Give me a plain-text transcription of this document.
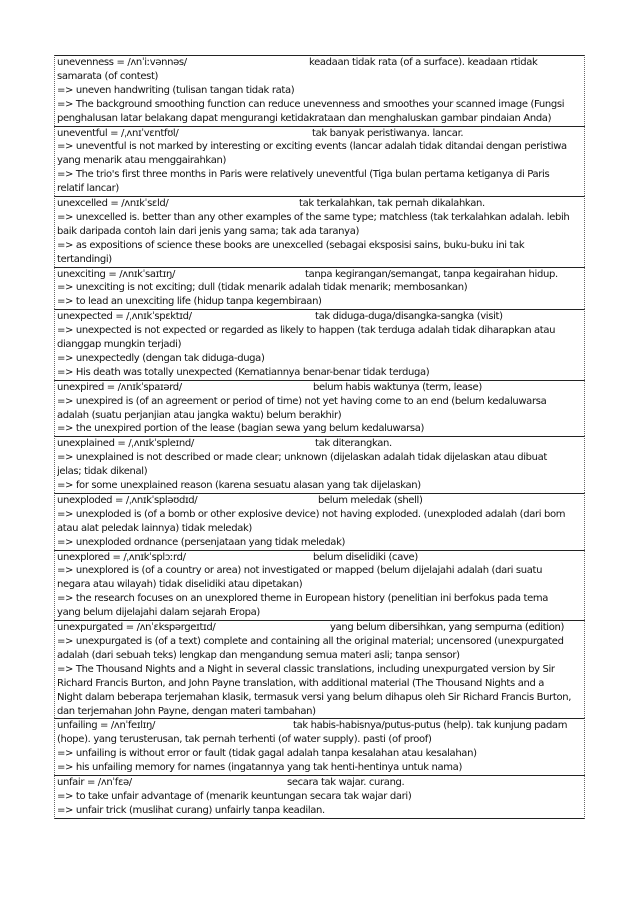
unevenness = /ʌnˈiːvənnəs/	keadaan tidak rata (of a surface). keadaan rtidak
samarata (of contest)
=> uneven handwriting (tulisan tangan tidak rata)
=> The background smoothing function can reduce unevenness and smoothes your scanned image (Fungsi
penghalusan latar belakang dapat mengurangi ketidakrataan dan menghaluskan gambar pindaian Anda)
uneventful = /ˌʌnɪˈvɛntfʊl/	tak banyak peristiwanya. lancar.
=> uneventful is not marked by interesting or exciting events (lancar adalah tidak ditandai dengan peristiwa
yang menarik atau menggairahkan)
=> The trio's first three months in Paris were relatively uneventful (Tiga bulan pertama ketiganya di Paris
relatif lancar)
unexcelled = /ʌnɪkˈsɛld/	tak terkalahkan, tak pernah dikalahkan.
=> unexcelled is. better than any other examples of the same type; matchless (tak terkalahkan adalah. lebih
baik daripada contoh lain dari jenis yang sama; tak ada taranya)
=> as expositions of science these books are unexcelled (sebagai eksposisi sains, buku-buku ini tak
tertandingi)
unexciting = /ʌnɪkˈsaɪtɪŋ/	tanpa kegirangan/semangat, tanpa kegairahan hidup.
=> unexciting is not exciting; dull (tidak menarik adalah tidak menarik; membosankan)
=> to lead an unexciting life (hidup tanpa kegembiraan)
unexpected = /ˌʌnɪkˈspɛktɪd/	tak diduga-duga/disangka-sangka (visit)
=> unexpected is not expected or regarded as likely to happen (tak terduga adalah tidak diharapkan atau
dianggap mungkin terjadi)
=> unexpectedly (dengan tak diduga-duga)
=> His death was totally unexpected (Kematiannya benar-benar tidak terduga)
unexpired = /ʌnɪkˈspaɪərd/	belum habis waktunya (term, lease)
=> unexpired is (of an agreement or period of time) not yet having come to an end (belum kedaluwarsa
adalah (suatu perjanjian atau jangka waktu) belum berakhir)
=> the unexpired portion of the lease (bagian sewa yang belum kedaluwarsa)
unexplained = /ˌʌnɪkˈspleɪnd/	tak diterangkan.
=> unexplained is not described or made clear; unknown (dijelaskan adalah tidak dijelaskan atau dibuat
jelas; tidak dikenal)
=> for some unexplained reason (karena sesuatu alasan yang tak dijelaskan)
unexploded = /ˌʌnɪkˈspləʊdɪd/	belum meledak (shell)
=> unexploded is (of a bomb or other explosive device) not having exploded. (unexploded adalah (dari bom
atau alat peledak lainnya) tidak meledak)
=> unexploded ordnance (persenjataan yang tidak meledak)
unexplored = /ˌʌnɪkˈsplɔːrd/	belum diselidiki (cave)
=> unexplored is (of a country or area) not investigated or mapped (belum dijelajahi adalah (dari suatu
negara atau wilayah) tidak diselidiki atau dipetakan)
=> the research focuses on an unexplored theme in European history (penelitian ini berfokus pada tema
yang belum dijelajahi dalam sejarah Eropa)
unexpurgated = /ʌnˈɛkspərgeɪtɪd/	yang belum dibersihkan, yang sempurna (edition)
=> unexpurgated is (of a text) complete and containing all the original material; uncensored (unexpurgated
adalah (dari sebuah teks) lengkap dan mengandung semua materi asli; tanpa sensor)
=> The Thousand Nights and a Night in several classic translations, including unexpurgated version by Sir
Richard Francis Burton, and John Payne translation, with additional material (The Thousand Nights and a
Night dalam beberapa terjemahan klasik, termasuk versi yang belum dihapus oleh Sir Richard Francis Burton,
dan terjemahan John Payne, dengan materi tambahan)
unfailing = /ʌnˈfeɪlɪŋ/	tak habis-habisnya/putus-putus (help). tak kunjung padam
(hope). yang terusterusan, tak pernah terhenti (of water supply). pasti (of proof)
=> unfailing is without error or fault (tidak gagal adalah tanpa kesalahan atau kesalahan)
=> his unfailing memory for names (ingatannya yang tak henti-hentinya untuk nama)
unfair = /ʌnˈfɛə/	secara tak wajar. curang.
=> to take unfair advantage of (menarik keuntungan secara tak wajar dari)
=> unfair trick (muslihat curang) unfairly tanpa keadilan.
